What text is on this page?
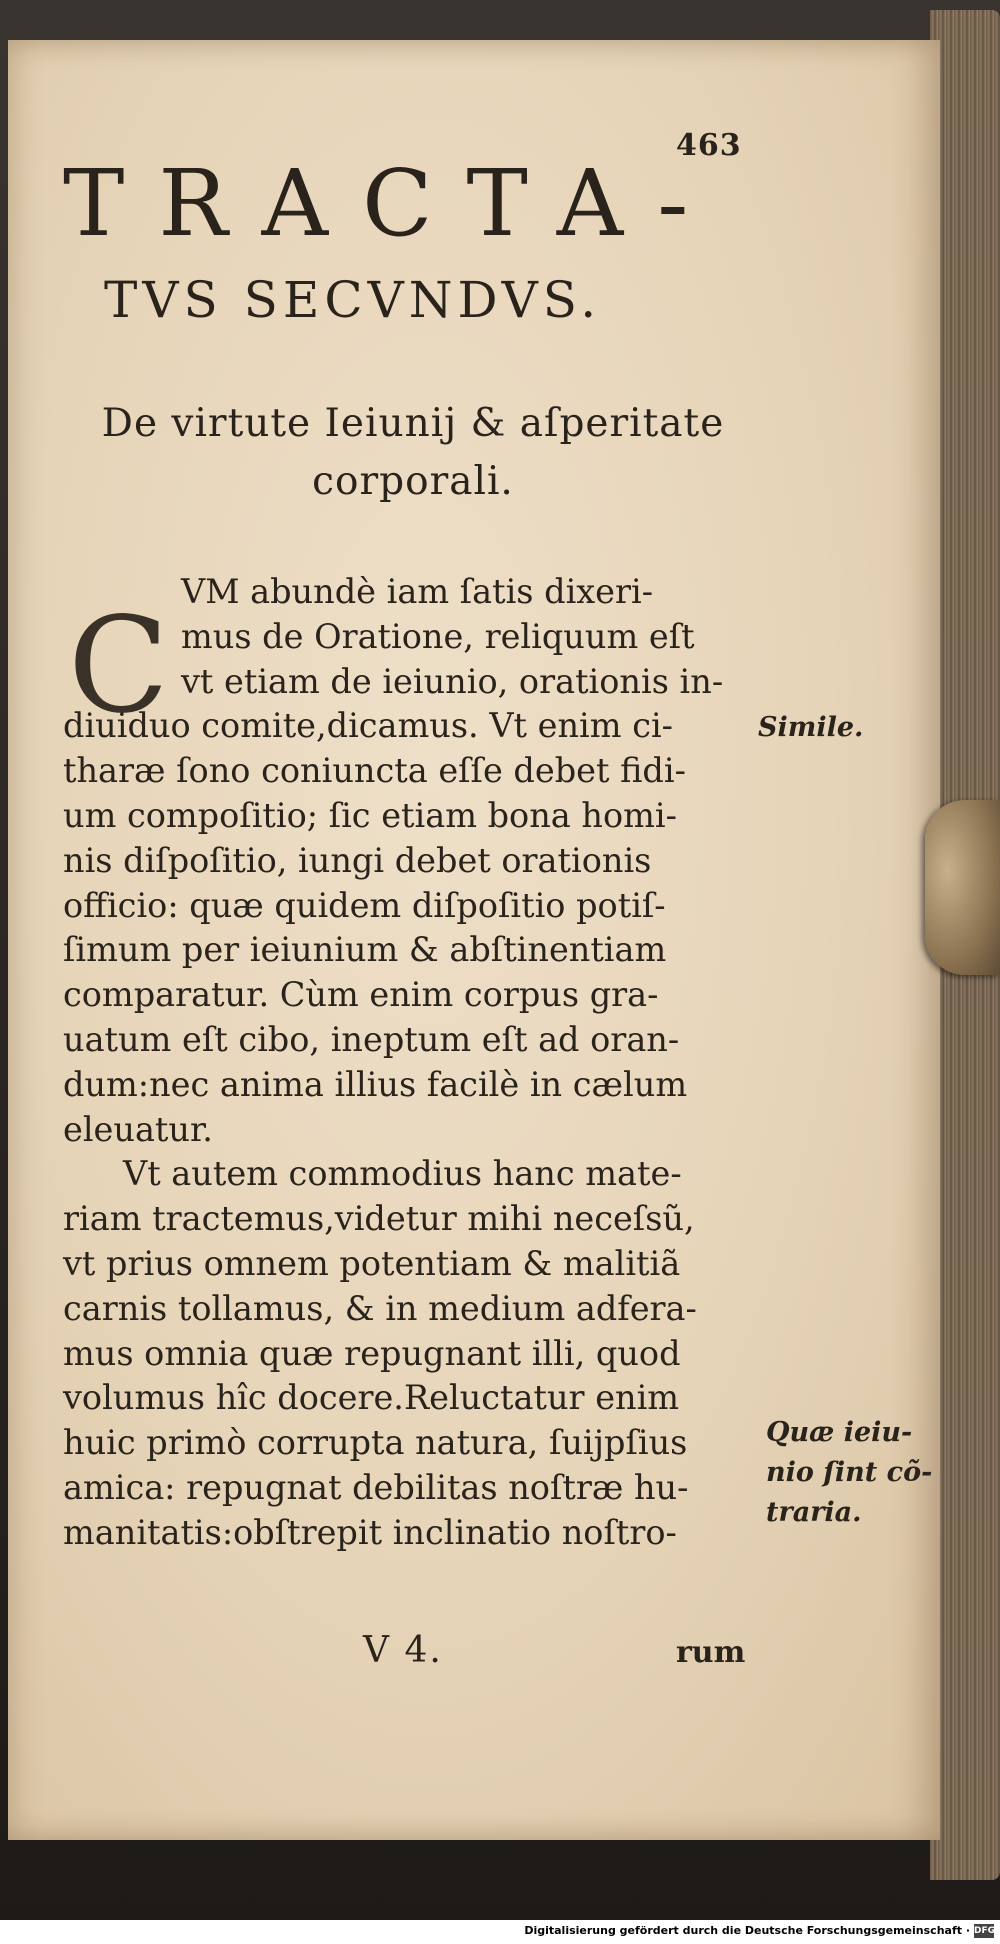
463
TRACTA-
TVS SECVNDVS.
De virtute Ieiunij & aſperitate
corporali.
C VM abundè iam ſatis dixeri-
mus de Oratione, reliquum eſt
vt etiam de ieiunio, orationis in-
diuiduo comite,dicamus. Vt enim ci-
tharæ ſono coniuncta eſſe debet fidi-
um compoſitio; ſic etiam bona homi-
nis diſpoſitio, iungi debet orationis
officio: quæ quidem diſpoſitio potiſ-
ſimum per ieiunium & abſtinentiam
comparatur. Cùm enim corpus gra-
uatum eſt cibo, ineptum eſt ad oran-
dum:nec anima illius facilè in cælum
eleuatur.
Vt autem commodius hanc mate-
riam tractemus,videtur mihi neceſsũ,
vt prius omnem potentiam & malitiã
carnis tollamus, & in medium adfera-
mus omnia quæ repugnant illi, quod
volumus hîc docere.Reluctatur enim
huic primò corrupta natura, ſuijpſius
amica: repugnat debilitas noſtræ hu-
manitatis:obſtrepit inclinatio noſtro-
Simile.
Quæ ieiu-
nio ſint cõ-
traria.
V 4.	rum
Digitalisierung gefördert durch die Deutsche Forschungsgemeinschaft · DFG
